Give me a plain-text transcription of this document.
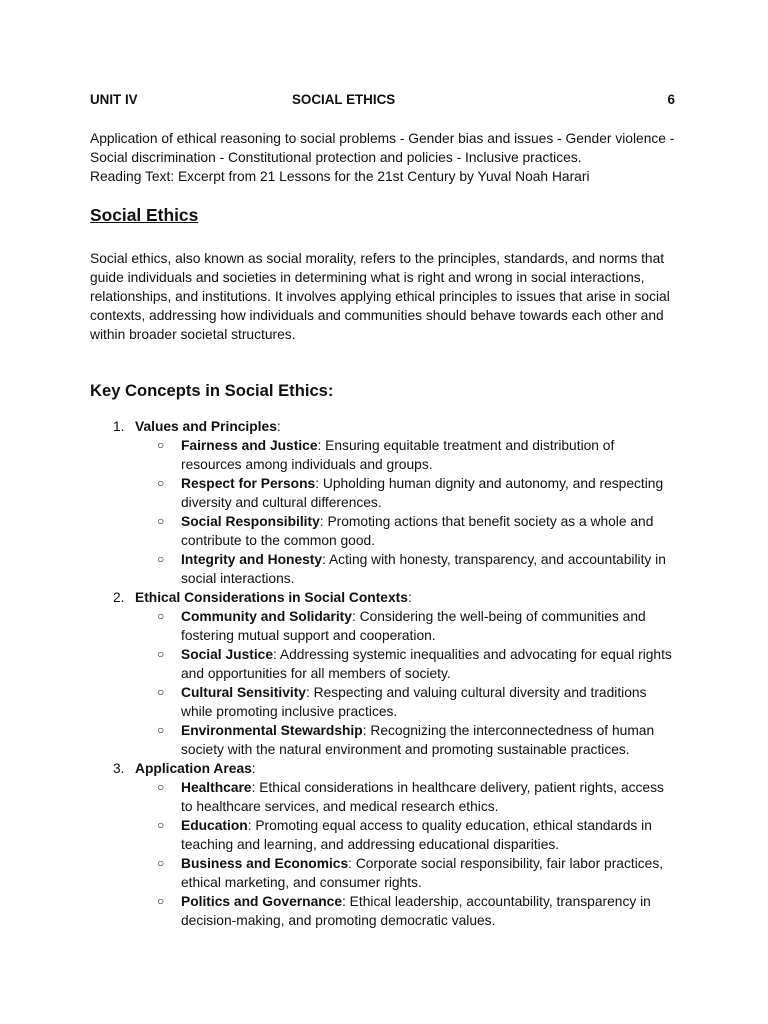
UNIT IV	SOCIAL ETHICS	6
Application of ethical reasoning to social problems - Gender bias and issues - Gender violence -
Social discrimination - Constitutional protection and policies - Inclusive practices.
Reading Text: Excerpt from 21 Lessons for the 21st Century by Yuval Noah Harari
Social Ethics
Social ethics, also known as social morality, refers to the principles, standards, and norms that
guide individuals and societies in determining what is right and wrong in social interactions,
relationships, and institutions. It involves applying ethical principles to issues that arise in social
contexts, addressing how individuals and communities should behave towards each other and
within broader societal structures.
Key Concepts in Social Ethics:
1. Values and Principles:
○ Fairness and Justice: Ensuring equitable treatment and distribution of
resources among individuals and groups.
○ Respect for Persons: Upholding human dignity and autonomy, and respecting
diversity and cultural differences.
○ Social Responsibility: Promoting actions that benefit society as a whole and
contribute to the common good.
○ Integrity and Honesty: Acting with honesty, transparency, and accountability in
social interactions.
2. Ethical Considerations in Social Contexts:
○ Community and Solidarity: Considering the well-being of communities and
fostering mutual support and cooperation.
○ Social Justice: Addressing systemic inequalities and advocating for equal rights
and opportunities for all members of society.
○ Cultural Sensitivity: Respecting and valuing cultural diversity and traditions
while promoting inclusive practices.
○ Environmental Stewardship: Recognizing the interconnectedness of human
society with the natural environment and promoting sustainable practices.
3. Application Areas:
○ Healthcare: Ethical considerations in healthcare delivery, patient rights, access
to healthcare services, and medical research ethics.
○ Education: Promoting equal access to quality education, ethical standards in
teaching and learning, and addressing educational disparities.
○ Business and Economics: Corporate social responsibility, fair labor practices,
ethical marketing, and consumer rights.
○ Politics and Governance: Ethical leadership, accountability, transparency in
decision-making, and promoting democratic values.
